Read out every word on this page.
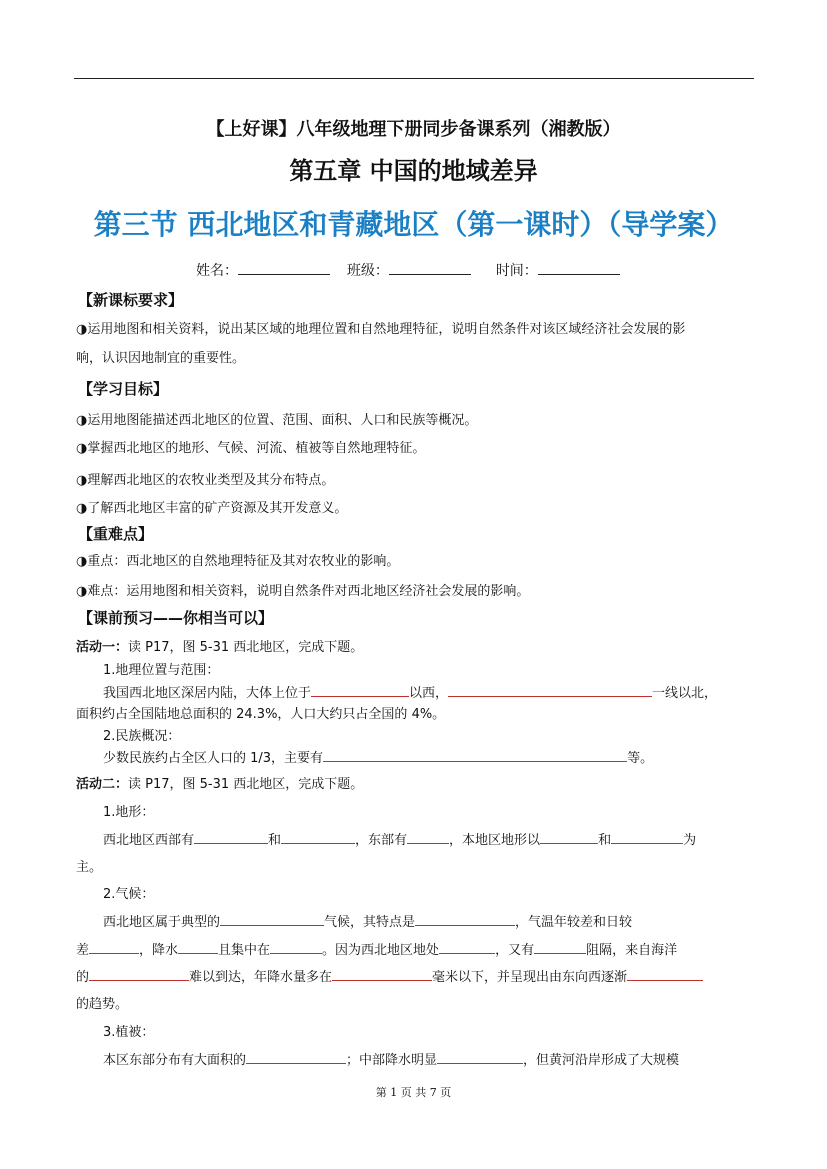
【上好课】八年级地理下册同步备课系列（湘教版）
第五章 中国的地域差异
第三节 西北地区和青藏地区（第一课时）（导学案）
姓名：	班级：	时间：
【新课标要求】
◑运用地图和相关资料，说出某区域的地理位置和自然地理特征，说明自然条件对该区域经济社会发展的影
响，认识因地制宜的重要性。
【学习目标】
◑运用地图能描述西北地区的位置、范围、面积、人口和民族等概况。
◑掌握西北地区的地形、气候、河流、植被等自然地理特征。
◑理解西北地区的农牧业类型及其分布特点。
◑了解西北地区丰富的矿产资源及其开发意义。
【重难点】
◑重点：西北地区的自然地理特征及其对农牧业的影响。
◑难点：运用地图和相关资料，说明自然条件对西北地区经济社会发展的影响。
【课前预习——你相当可以】
活动一：读 P17，图 5-31 西北地区，完成下题。
1.地理位置与范围：
我国西北地区深居内陆，大体上位于	以西，	一线以北，
面积约占全国陆地总面积的 24.3%，人口大约只占全国的 4%。
2.民族概况：
少数民族约占全区人口的 1/3，主要有	等。
活动二：读 P17，图 5-31 西北地区，完成下题。
1.地形：
西北地区西部有	和	，东部有	，本地区地形以	和	为
主。
2.气候：
西北地区属于典型的	气候，其特点是	，气温年较差和日较
差	，降水	且集中在	。因为西北地区地处	，又有	阻隔，来自海洋
的	难以到达，年降水量多在	毫米以下，并呈现出由东向西逐渐
的趋势。
3.植被：
本区东部分布有大面积的	；中部降水明显	，但黄河沿岸形成了大规模
第 1 页 共 7 页
